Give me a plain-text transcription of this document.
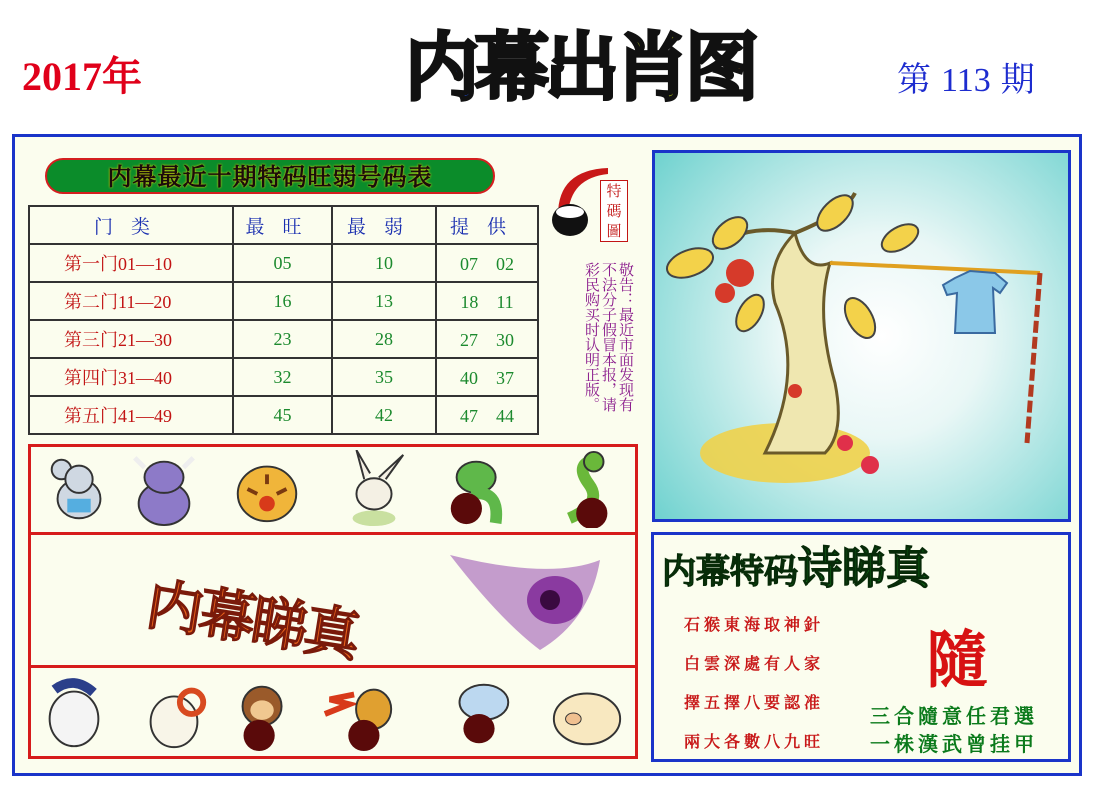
2017年	内幕出肖图	第 113 期
内幕最近十期特码旺弱号码表
门类	最旺	最弱	提供
第一门01—10	05	10	07　02
第二门11—20	16	13	18　11
第三门21—30	23	28	27　30
第四门31—40	32	35	40　37
第五门41—49	45	42	47　44
特碼圖
敬告：最近市面发现有不法分子假冒本报，请彩民购买时认明正版。
内幕睇真
内幕特码诗睇真
石猴東海取神針
白雲深處有人家
擇五擇八要認准
兩大各數八九旺
隨
三合隨意任君選
一株漢武曾挂甲
